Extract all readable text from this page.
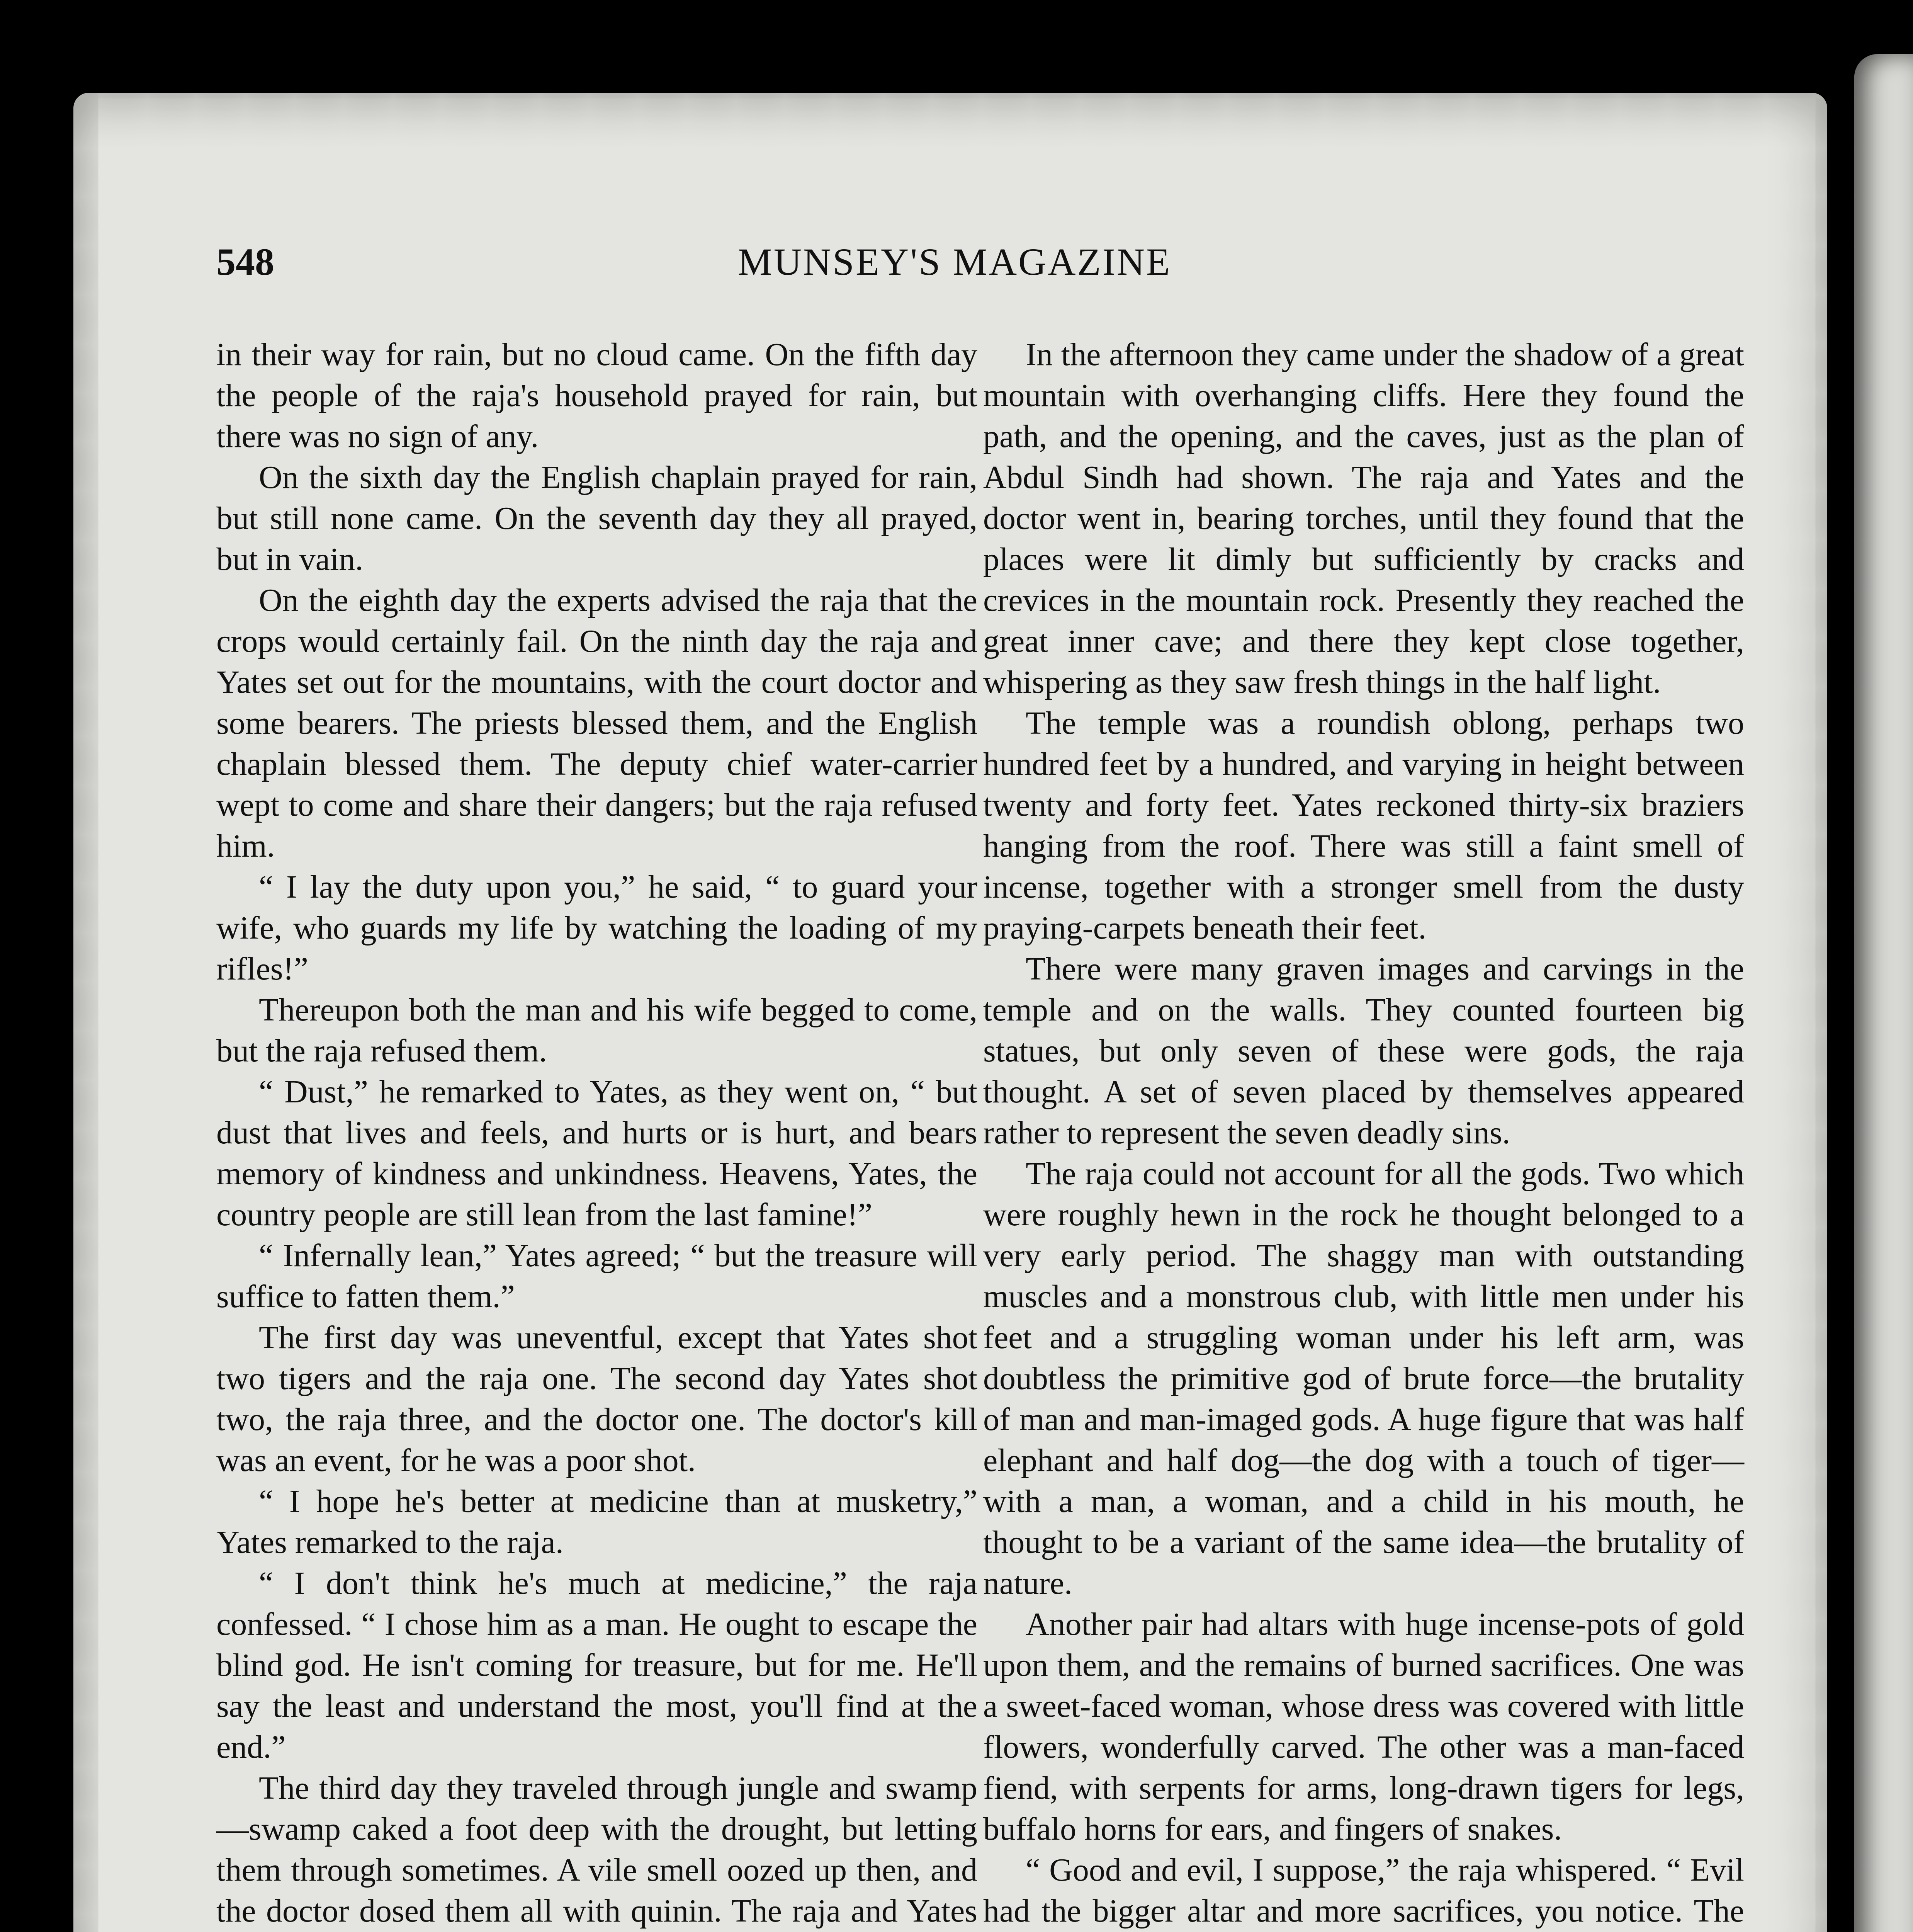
548	MUNSEY'S MAGAZINE

in their way for rain, but no cloud came. On the fifth day the people of the raja's household prayed for rain, but there was no sign of any.

On the sixth day the English chaplain prayed for rain, but still none came. On the seventh day they all prayed, but in vain.

On the eighth day the experts advised the raja that the crops would certainly fail. On the ninth day the raja and Yates set out for the mountains, with the court doctor and some bearers. The priests blessed them, and the English chaplain blessed them. The deputy chief water-carrier wept to come and share their dangers; but the raja refused him.

“ I lay the duty upon you,” he said, “ to guard your wife, who guards my life by watching the loading of my rifles!”

Thereupon both the man and his wife begged to come, but the raja refused them.

“ Dust,” he remarked to Yates, as they went on, “ but dust that lives and feels, and hurts or is hurt, and bears memory of kindness and unkindness. Heavens, Yates, the country people are still lean from the last famine!”

“ Infernally lean,” Yates agreed; “ but the treasure will suffice to fatten them.”

The first day was uneventful, except that Yates shot two tigers and the raja one. The second day Yates shot two, the raja three, and the doctor one. The doctor's kill was an event, for he was a poor shot.

“ I hope he's better at medicine than at musketry,” Yates remarked to the raja.

“ I don't think he's much at medicine,” the raja confessed. “ I chose him as a man. He ought to escape the blind god. He isn't coming for treasure, but for me. He'll say the least and understand the most, you'll find at the end.”

The third day they traveled through jungle and swamp—swamp caked a foot deep with the drought, but letting them through sometimes. A vile smell oozed up then, and the doctor dosed them all with quinin. The raja and Yates

In the afternoon they came under the shadow of a great mountain with overhanging cliffs. Here they found the path, and the opening, and the caves, just as the plan of Abdul Sindh had shown. The raja and Yates and the doctor went in, bearing torches, until they found that the places were lit dimly but sufficiently by cracks and crevices in the mountain rock. Presently they reached the great inner cave; and there they kept close together, whispering as they saw fresh things in the half light.

The temple was a roundish oblong, perhaps two hundred feet by a hundred, and varying in height between twenty and forty feet. Yates reckoned thirty-six braziers hanging from the roof. There was still a faint smell of incense, together with a stronger smell from the dusty praying-carpets beneath their feet.

There were many graven images and carvings in the temple and on the walls. They counted fourteen big statues, but only seven of these were gods, the raja thought. A set of seven placed by themselves appeared rather to represent the seven deadly sins.

The raja could not account for all the gods. Two which were roughly hewn in the rock he thought belonged to a very early period. The shaggy man with outstanding muscles and a monstrous club, with little men under his feet and a struggling woman under his left arm, was doubtless the primitive god of brute force—the brutality of man and man-imaged gods. A huge figure that was half elephant and half dog—the dog with a touch of tiger—with a man, a woman, and a child in his mouth, he thought to be a variant of the same idea—the brutality of nature.

Another pair had altars with huge incense-pots of gold upon them, and the remains of burned sacrifices. One was a sweet-faced woman, whose dress was covered with little flowers, wonderfully carved. The other was a man-faced fiend, with serpents for arms, long-drawn tigers for legs, buffalo horns for ears, and fingers of snakes.

“ Good and evil, I suppose,” the raja whispered. “ Evil had the bigger altar and more sacrifices, you notice. The
